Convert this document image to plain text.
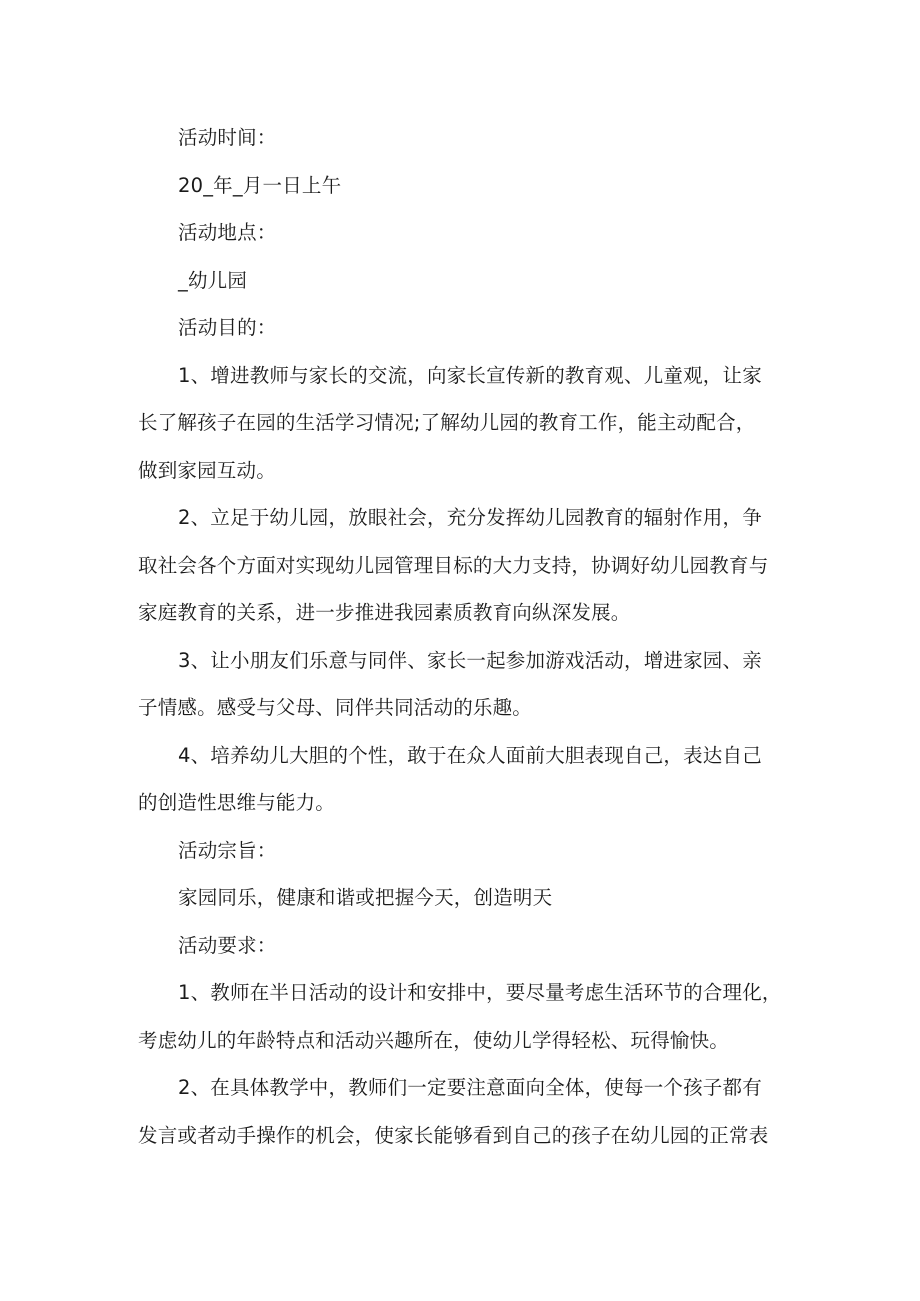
活动时间：

20_年_月一日上午

活动地点：

_幼儿园

活动目的：

1、增进教师与家长的交流，向家长宣传新的教育观、儿童观，让家
长了解孩子在园的生活学习情况;了解幼儿园的教育工作，能主动配合，
做到家园互动。

2、立足于幼儿园，放眼社会，充分发挥幼儿园教育的辐射作用，争
取社会各个方面对实现幼儿园管理目标的大力支持，协调好幼儿园教育与
家庭教育的关系，进一步推进我园素质教育向纵深发展。

3、让小朋友们乐意与同伴、家长一起参加游戏活动，增进家园、亲
子情感。感受与父母、同伴共同活动的乐趣。

4、培养幼儿大胆的个性，敢于在众人面前大胆表现自己，表达自己
的创造性思维与能力。

活动宗旨：

家园同乐，健康和谐或把握今天，创造明天

活动要求：

1、教师在半日活动的设计和安排中，要尽量考虑生活环节的合理化，
考虑幼儿的年龄特点和活动兴趣所在，使幼儿学得轻松、玩得愉快。

2、在具体教学中，教师们一定要注意面向全体，使每一个孩子都有
发言或者动手操作的机会，使家长能够看到自己的孩子在幼儿园的正常表
